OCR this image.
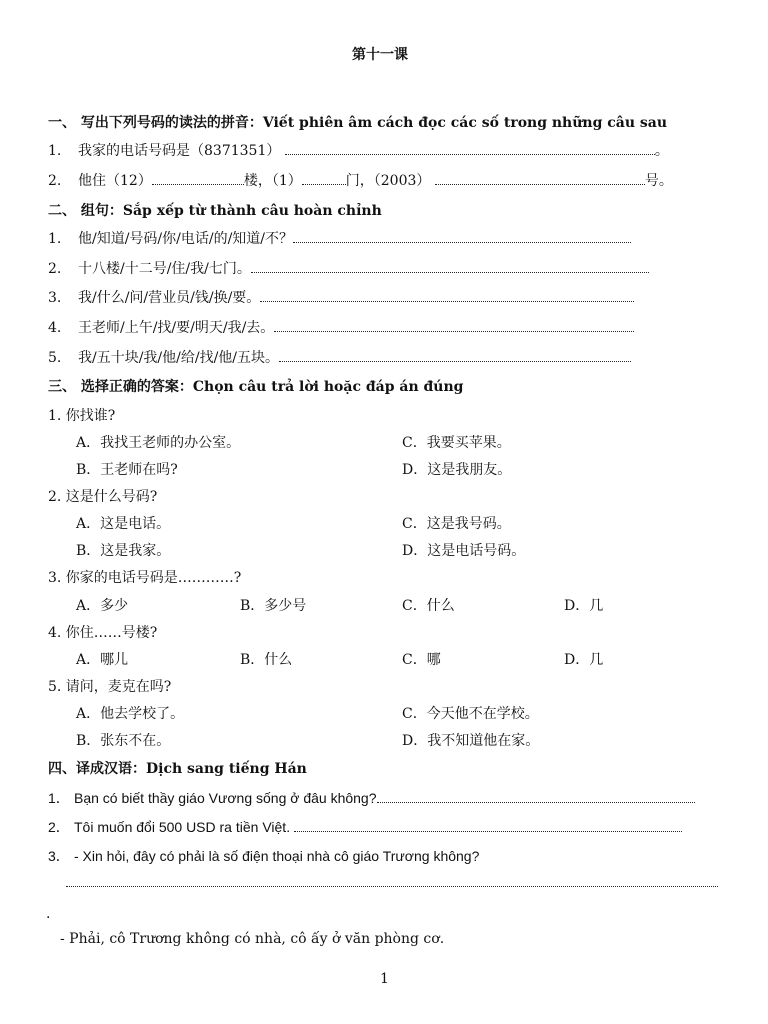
第十一课
一、 写出下列号码的读法的拼音：Viết phiên âm cách đọc các số trong những câu sau
1. 我家的电话号码是（8371351）	。
2. 他住（12）	楼，（1）	门，（2003）	号。
二、 组句：Sắp xếp từ thành câu hoàn chỉnh
1. 他/知道/号码/你/电话/的/知道/不？
2. 十八楼/十二号/住/我/七门。
3. 我/什么/问/营业员/钱/换/要。
4. 王老师/上午/找/要/明天/我/去。
5. 我/五十块/我/他/给/找/他/五块。
三、 选择正确的答案：Chọn câu trả lời hoặc đáp án đúng
1. 你找谁?
A．我找王老师的办公室。	C．我要买苹果。
B．王老师在吗?	D．这是我朋友。
2. 这是什么号码?
A．这是电话。	C．这是我号码。
B．这是我家。	D．这是电话号码。
3. 你家的电话号码是…………?
A．多少	B．多少号	C．什么	D．几
4. 你住……号楼?
A．哪儿	B．什么	C．哪	D．几
5. 请问，麦克在吗?
A．他去学校了。	C．今天他不在学校。
B．张东不在。	D．我不知道他在家。
四、译成汉语：Dịch sang tiếng Hán
1． Bạn có biết thầy giáo Vương sống ở đâu không?
2． Tôi muốn đổi 500 USD ra tiền Việt.
3． - Xin hỏi, đây có phải là số điện thoại nhà cô giáo Trương không?
.
- Phải, cô Trương không có nhà, cô ấy ở văn phòng cơ.
1
